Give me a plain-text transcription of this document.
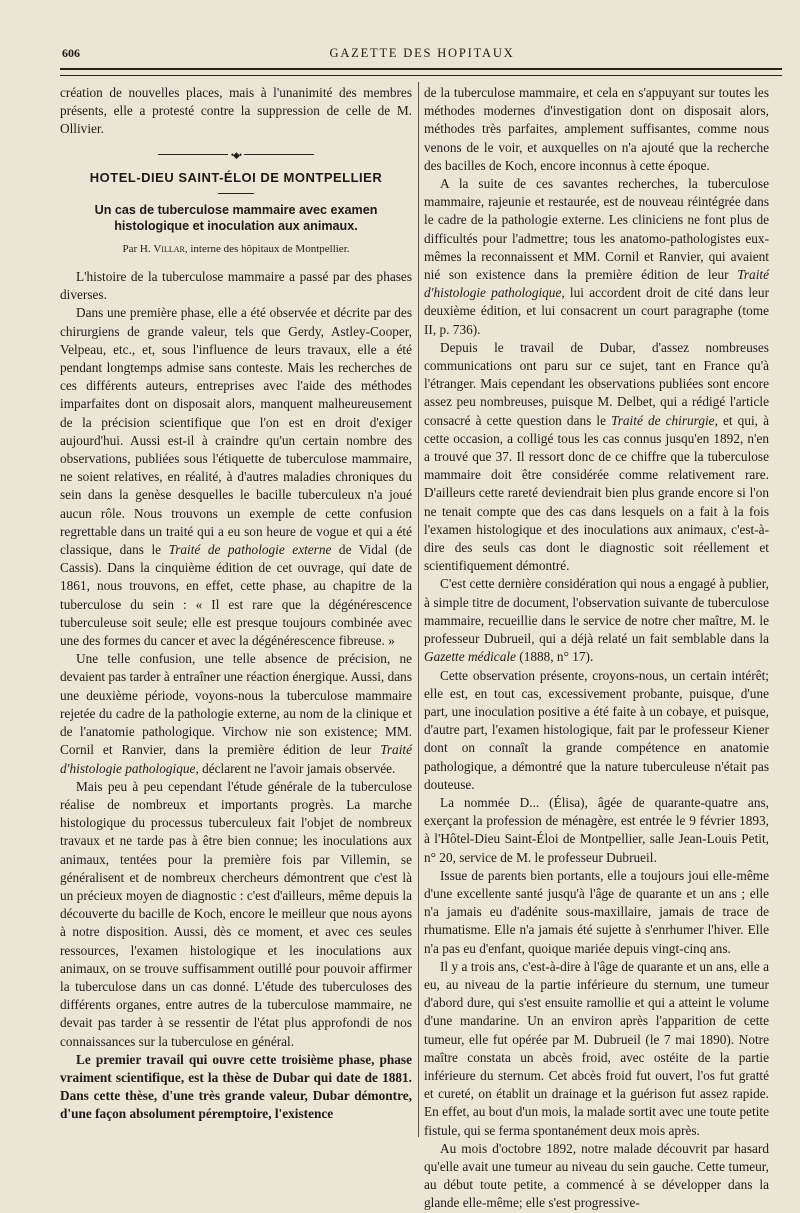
606	GAZETTE DES HOPITAUX

création de nouvelles places, mais à l'unanimité des membres présents, elle a protesté contre la suppression de celle de M. Ollivier.

•◆•
HOTEL-DIEU SAINT-ÉLOI DE MONTPELLIER
Un cas de tuberculose mammaire avec examen histologique et inoculation aux animaux.
Par H. Villar, interne des hôpitaux de Montpellier.

L'histoire de la tuberculose mammaire a passé par des phases diverses.

Dans une première phase, elle a été observée et décrite par des chirurgiens de grande valeur, tels que Gerdy, Astley-Cooper, Velpeau, etc., et, sous l'influence de leurs travaux, elle a été pendant longtemps admise sans conteste. Mais les recherches de ces différents auteurs, entreprises avec l'aide des méthodes imparfaites dont on disposait alors, manquent malheureusement de la précision scientifique que l'on est en droit d'exiger aujourd'hui. Aussi est-il à craindre qu'un certain nombre des observations, publiées sous l'étiquette de tuberculose mammaire, ne soient relatives, en réalité, à d'autres maladies chroniques du sein dans la genèse desquelles le bacille tuberculeux n'a joué aucun rôle. Nous trouvons un exemple de cette confusion regrettable dans un traité qui a eu son heure de vogue et qui a été classique, dans le Traité de pathologie externe de Vidal (de Cassis). Dans la cinquième édition de cet ouvrage, qui date de 1861, nous trouvons, en effet, cette phase, au chapitre de la tuberculose du sein : « Il est rare que la dégénérescence tuberculeuse soit seule; elle est presque toujours combinée avec une des formes du cancer et avec la dégénérescence fibreuse. »

Une telle confusion, une telle absence de précision, ne devaient pas tarder à entraîner une réaction énergique. Aussi, dans une deuxième période, voyons-nous la tuberculose mammaire rejetée du cadre de la pathologie externe, au nom de la clinique et de l'anatomie pathologique. Virchow nie son existence; MM. Cornil et Ranvier, dans la première édition de leur Traité d'histologie pathologique, déclarent ne l'avoir jamais observée.

Mais peu à peu cependant l'étude générale de la tuberculose réalise de nombreux et importants progrès. La marche histologique du processus tuberculeux fait l'objet de nombreux travaux et ne tarde pas à être bien connue; les inoculations aux animaux, tentées pour la première fois par Villemin, se généralisent et de nombreux chercheurs démontrent que c'est là un précieux moyen de diagnostic : c'est d'ailleurs, même depuis la découverte du bacille de Koch, encore le meilleur que nous ayons à notre disposition. Aussi, dès ce moment, et avec ces seules ressources, l'examen histologique et les inoculations aux animaux, on se trouve suffisamment outillé pour pouvoir affirmer la tuberculose dans un cas donné. L'étude des tuberculoses des différents organes, entre autres de la tuberculose mammaire, ne devait pas tarder à se ressentir de l'état plus approfondi de nos connaissances sur la tuberculose en général.

Le premier travail qui ouvre cette troisième phase, phase vraiment scientifique, est la thèse de Dubar qui date de 1881. Dans cette thèse, d'une très grande valeur, Dubar démontre, d'une façon absolument péremptoire, l'existence

de la tuberculose mammaire, et cela en s'appuyant sur toutes les méthodes modernes d'investigation dont on disposait alors, méthodes très parfaites, amplement suffisantes, comme nous venons de le voir, et auxquelles on n'a ajouté que la recherche des bacilles de Koch, encore inconnus à cette époque.

A la suite de ces savantes recherches, la tuberculose mammaire, rajeunie et restaurée, est de nouveau réintégrée dans le cadre de la pathologie externe. Les cliniciens ne font plus de difficultés pour l'admettre; tous les anatomo-pathologistes eux-mêmes la reconnaissent et MM. Cornil et Ranvier, qui avaient nié son existence dans la première édition de leur Traité d'histologie pathologique, lui accordent droit de cité dans leur deuxième édition, et lui consacrent un court paragraphe (tome II, p. 736).

Depuis le travail de Dubar, d'assez nombreuses communications ont paru sur ce sujet, tant en France qu'à l'étranger. Mais cependant les observations publiées sont encore assez peu nombreuses, puisque M. Delbet, qui a rédigé l'article consacré à cette question dans le Traité de chirurgie, et qui, à cette occasion, a colligé tous les cas connus jusqu'en 1892, n'en a trouvé que 37. Il ressort donc de ce chiffre que la tuberculose mammaire doit être considérée comme relativement rare. D'ailleurs cette rareté deviendrait bien plus grande encore si l'on ne tenait compte que des cas dans lesquels on a fait à la fois l'examen histologique et des inoculations aux animaux, c'est-à-dire des seuls cas dont le diagnostic soit réellement et scientifiquement démontré.

C'est cette dernière considération qui nous a engagé à publier, à simple titre de document, l'observation suivante de tuberculose mammaire, recueillie dans le service de notre cher maître, M. le professeur Dubrueil, qui a déjà relaté un fait semblable dans la Gazette médicale (1888, n° 17).

Cette observation présente, croyons-nous, un certain intérêt; elle est, en tout cas, excessivement probante, puisque, d'une part, une inoculation positive a été faite à un cobaye, et puisque, d'autre part, l'examen histologique, fait par le professeur Kiener dont on connaît la grande compétence en anatomie pathologique, a démontré que la nature tuberculeuse n'était pas douteuse.

La nommée D... (Élisa), âgée de quarante-quatre ans, exerçant la profession de ménagère, est entrée le 9 février 1893, à l'Hôtel-Dieu Saint-Éloi de Montpellier, salle Jean-Louis Petit, n° 20, service de M. le professeur Dubrueil.

Issue de parents bien portants, elle a toujours joui elle-même d'une excellente santé jusqu'à l'âge de quarante et un ans ; elle n'a jamais eu d'adénite sous-maxillaire, jamais de trace de rhumatisme. Elle n'a jamais été sujette à s'enrhumer l'hiver. Elle n'a pas eu d'enfant, quoique mariée depuis vingt-cinq ans.

Il y a trois ans, c'est-à-dire à l'âge de quarante et un ans, elle a eu, au niveau de la partie inférieure du sternum, une tumeur d'abord dure, qui s'est ensuite ramollie et qui a atteint le volume d'une mandarine. Un an environ après l'apparition de cette tumeur, elle fut opérée par M. Dubrueil (le 7 mai 1890). Notre maître constata un abcès froid, avec ostéite de la partie inférieure du sternum. Cet abcès froid fut ouvert, l'os fut gratté et cureté, on établit un drainage et la guérison fut assez rapide. En effet, au bout d'un mois, la malade sortit avec une toute petite fistule, qui se ferma spontanément deux mois après.

Au mois d'octobre 1892, notre malade découvrit par hasard qu'elle avait une tumeur au niveau du sein gauche. Cette tumeur, au début toute petite, a commencé à se développer dans la glande elle-même; elle s'est progressive-
